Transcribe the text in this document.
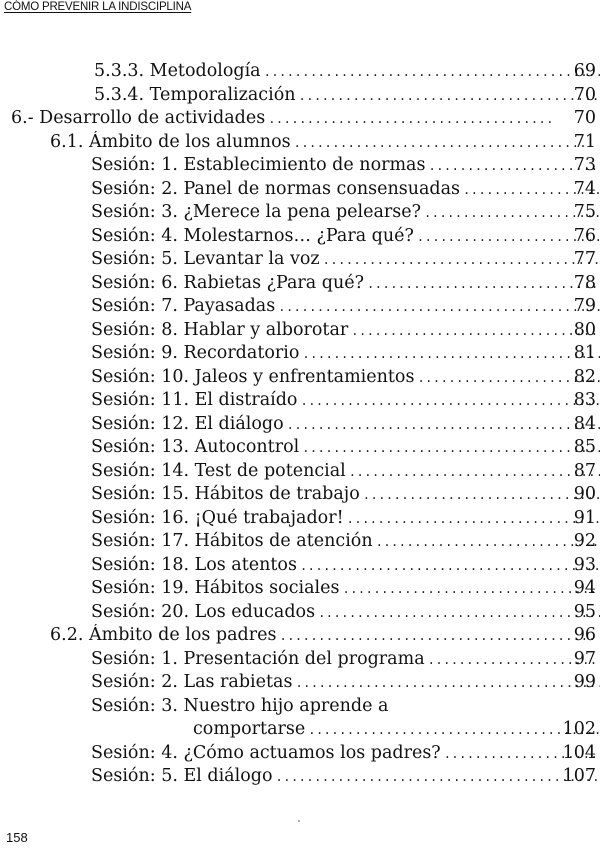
CÓMO PREVENIR LA INDISCIPLINA
5.3.3. Metodología .....	69
5.3.4. Temporalización .....	70
6.- Desarrollo de actividades .....	70
6.1. Ámbito de los alumnos .....	71
Sesión: 1. Establecimiento de normas .....	73
Sesión: 2. Panel de normas consensuadas .....	74
Sesión: 3. ¿Merece la pena pelearse? .....	75
Sesión: 4. Molestarnos… ¿Para qué? .....	76
Sesión: 5. Levantar la voz .....	77
Sesión: 6. Rabietas ¿Para qué? .....	78
Sesión: 7. Payasadas .....	79
Sesión: 8. Hablar y alborotar .....	80
Sesión: 9. Recordatorio .....	81
Sesión: 10. Jaleos y enfrentamientos .....	82
Sesión: 11. El distraído .....	83
Sesión: 12. El diálogo .....	84
Sesión: 13. Autocontrol .....	85
Sesión: 14. Test de potencial .....	87
Sesión: 15. Hábitos de trabajo .....	90
Sesión: 16. ¡Qué trabajador! .....	91
Sesión: 17. Hábitos de atención .....	92
Sesión: 18. Los atentos .....	93
Sesión: 19. Hábitos sociales .....	94
Sesión: 20. Los educados .....	95
6.2. Ámbito de los padres .....	96
Sesión: 1. Presentación del programa .....	97
Sesión: 2. Las rabietas .....	99
Sesión: 3. Nuestro hijo aprende a
comportarse .....	102
Sesión: 4. ¿Cómo actuamos los padres? .....	104
Sesión: 5. El diálogo .....	107
158
